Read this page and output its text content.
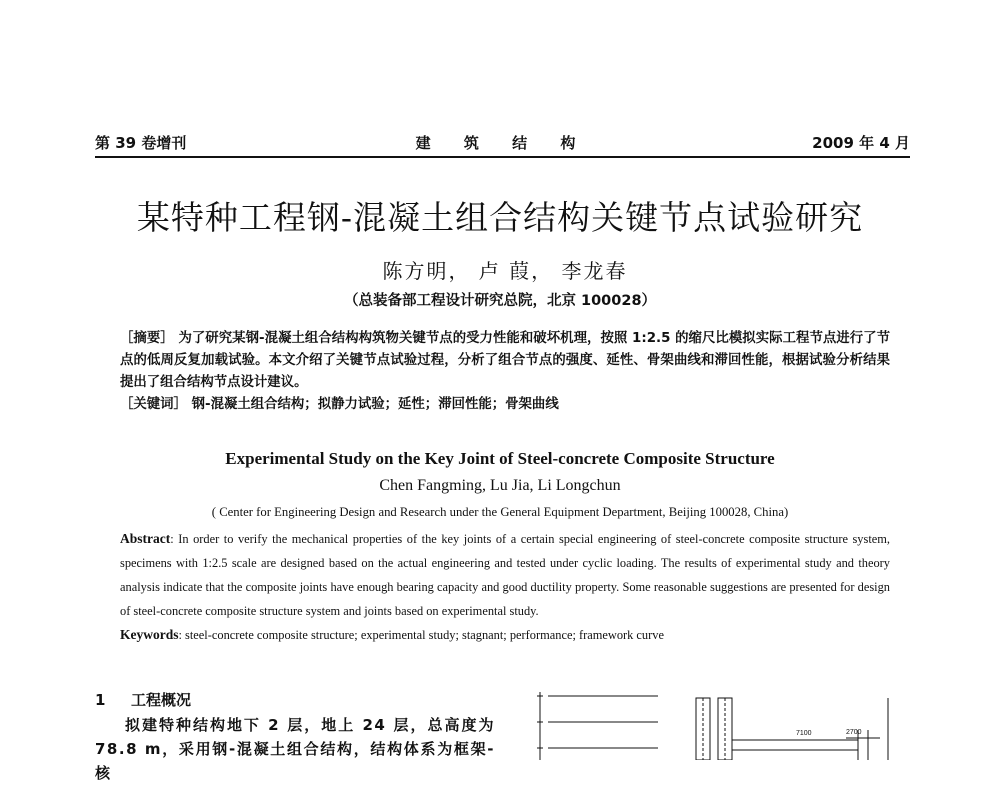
第 39 卷增刊	建 筑 结 构	2009 年 4 月
某特种工程钢-混凝土组合结构关键节点试验研究
陈方明， 卢 葭， 李龙春
（总装备部工程设计研究总院，北京 100028）

［摘要］ 为了研究某钢-混凝土组合结构构筑物关键节点的受力性能和破坏机理，按照 1:2.5 的缩尺比模拟实际工程节点进行了节点的低周反复加载试验。本文介绍了关键节点试验过程，分析了组合节点的强度、延性、骨架曲线和滞回性能，根据试验分析结果提出了组合结构节点设计建议。

［关键词］ 钢-混凝土组合结构；拟静力试验；延性；滞回性能；骨架曲线

Experimental Study on the Key Joint of Steel-concrete Composite Structure
Chen Fangming, Lu Jia, Li Longchun
( Center for Engineering Design and Research under the General Equipment Department, Beijing 100028, China)

Abstract: In order to verify the mechanical properties of the key joints of a certain special engineering of steel-concrete composite structure system, specimens with 1:2.5 scale are designed based on the actual engineering and tested under cyclic loading. The results of experimental study and theory analysis indicate that the composite joints have enough bearing capacity and good ductility property. Some reasonable suggestions are presented for design of steel-concrete composite structure system and joints based on experimental study.

Keywords: steel-concrete composite structure; experimental study; stagnant; performance; framework curve

1 工程概况

拟建特种结构地下 2 层，地上 24 层，总高度为 78.8 m，采用钢-混凝土组合结构，结构体系为框架-核

7100	2700
